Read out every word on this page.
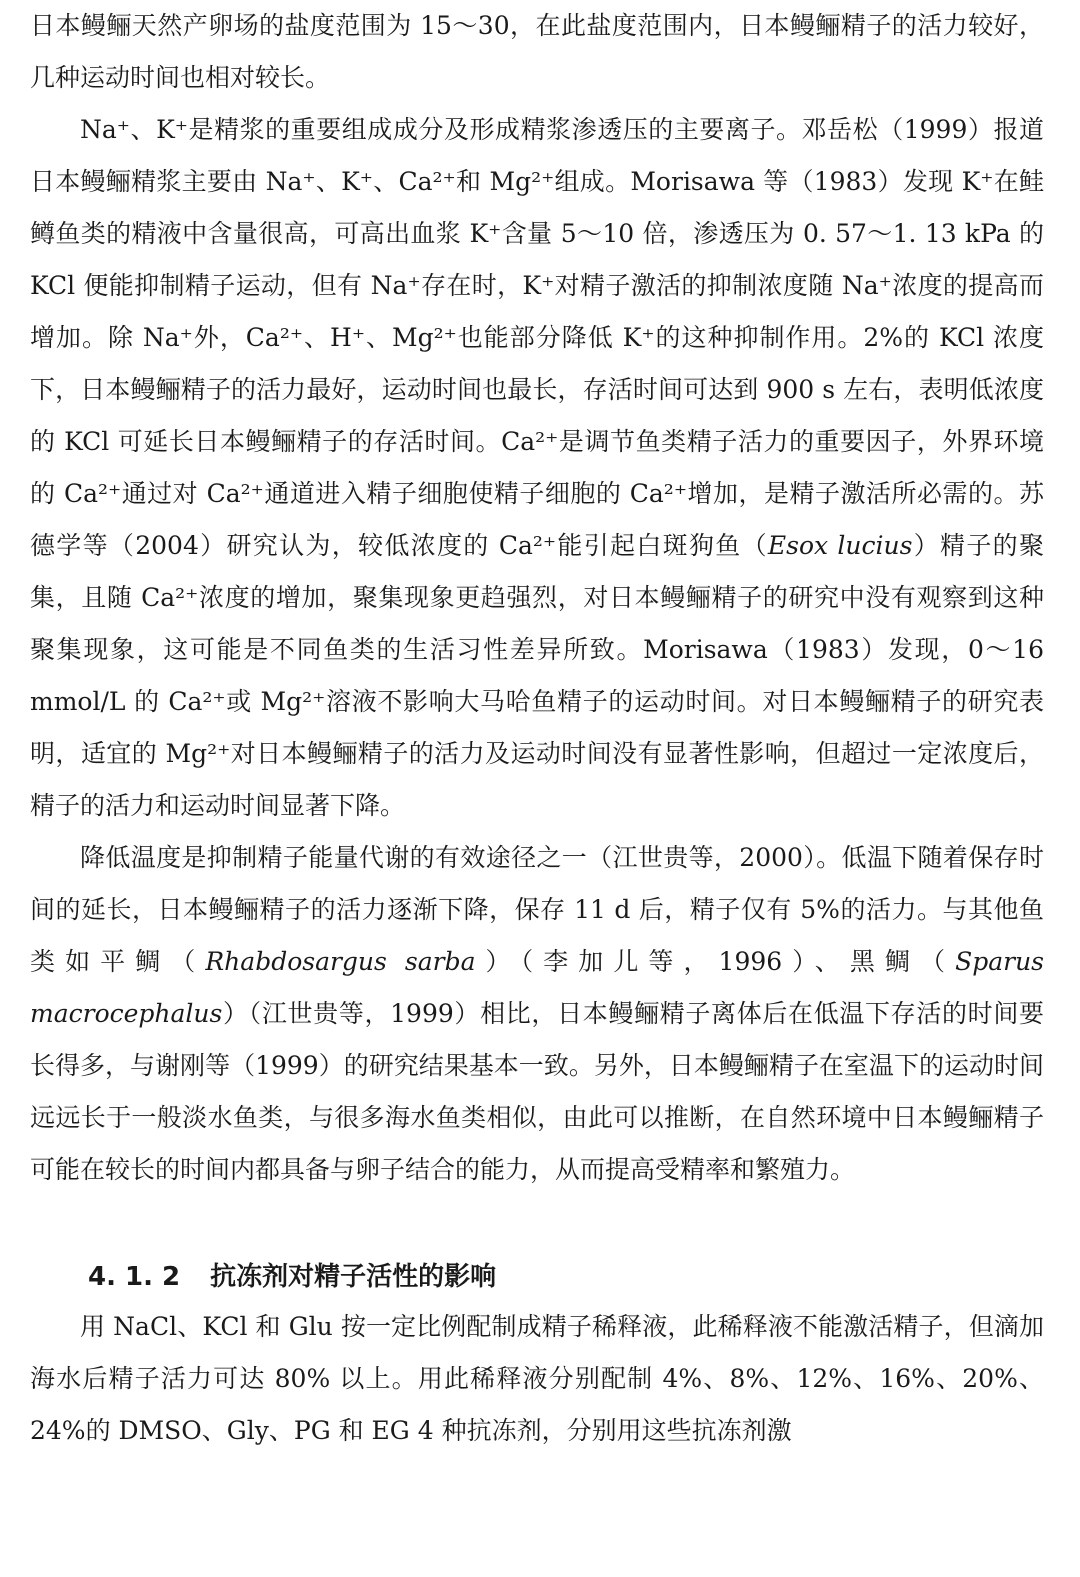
日本鳗鲡天然产卵场的盐度范围为 15～30，在此盐度范围内，日本鳗鲡精子的活力较好，几种运动时间也相对较长。

Na⁺、K⁺是精浆的重要组成成分及形成精浆渗透压的主要离子。邓岳松（1999）报道日本鳗鲡精浆主要由 Na⁺、K⁺、Ca²⁺和 Mg²⁺组成。Morisawa 等（1983）发现 K⁺在鲑鳟鱼类的精液中含量很高，可高出血浆 K⁺含量 5～10 倍，渗透压为 0. 57～1. 13 kPa 的 KCl 便能抑制精子运动，但有 Na⁺存在时，K⁺对精子激活的抑制浓度随 Na⁺浓度的提高而增加。除 Na⁺外，Ca²⁺、H⁺、Mg²⁺也能部分降低 K⁺的这种抑制作用。2%的 KCl 浓度下，日本鳗鲡精子的活力最好，运动时间也最长，存活时间可达到 900 s 左右，表明低浓度的 KCl 可延长日本鳗鲡精子的存活时间。Ca²⁺是调节鱼类精子活力的重要因子，外界环境的 Ca²⁺通过对 Ca²⁺通道进入精子细胞使精子细胞的 Ca²⁺增加，是精子激活所必需的。苏德学等（2004）研究认为，较低浓度的 Ca²⁺能引起白斑狗鱼（Esox lucius）精子的聚集，且随 Ca²⁺浓度的增加，聚集现象更趋强烈，对日本鳗鲡精子的研究中没有观察到这种聚集现象，这可能是不同鱼类的生活习性差异所致。Morisawa（1983）发现，0～16 mmol/L 的 Ca²⁺或 Mg²⁺溶液不影响大马哈鱼精子的运动时间。对日本鳗鲡精子的研究表明，适宜的 Mg²⁺对日本鳗鲡精子的活力及运动时间没有显著性影响，但超过一定浓度后，精子的活力和运动时间显著下降。

降低温度是抑制精子能量代谢的有效途径之一（江世贵等，2000）。低温下随着保存时间的延长，日本鳗鲡精子的活力逐渐下降，保存 11 d 后，精子仅有 5%的活力。与其他鱼类如平鲷（Rhabdosargus sarba）（李加儿等，1996）、黑鲷（Sparus macrocephalus）（江世贵等，1999）相比，日本鳗鲡精子离体后在低温下存活的时间要长得多，与谢刚等（1999）的研究结果基本一致。另外，日本鳗鲡精子在室温下的运动时间远远长于一般淡水鱼类，与很多海水鱼类相似，由此可以推断，在自然环境中日本鳗鲡精子可能在较长的时间内都具备与卵子结合的能力，从而提高受精率和繁殖力。

4. 1. 2 抗冻剂对精子活性的影响

用 NaCl、KCl 和 Glu 按一定比例配制成精子稀释液，此稀释液不能激活精子，但滴加海水后精子活力可达 80% 以上。用此稀释液分别配制 4%、8%、12%、16%、20%、24%的 DMSO、Gly、PG 和 EG 4 种抗冻剂，分别用这些抗冻剂激
